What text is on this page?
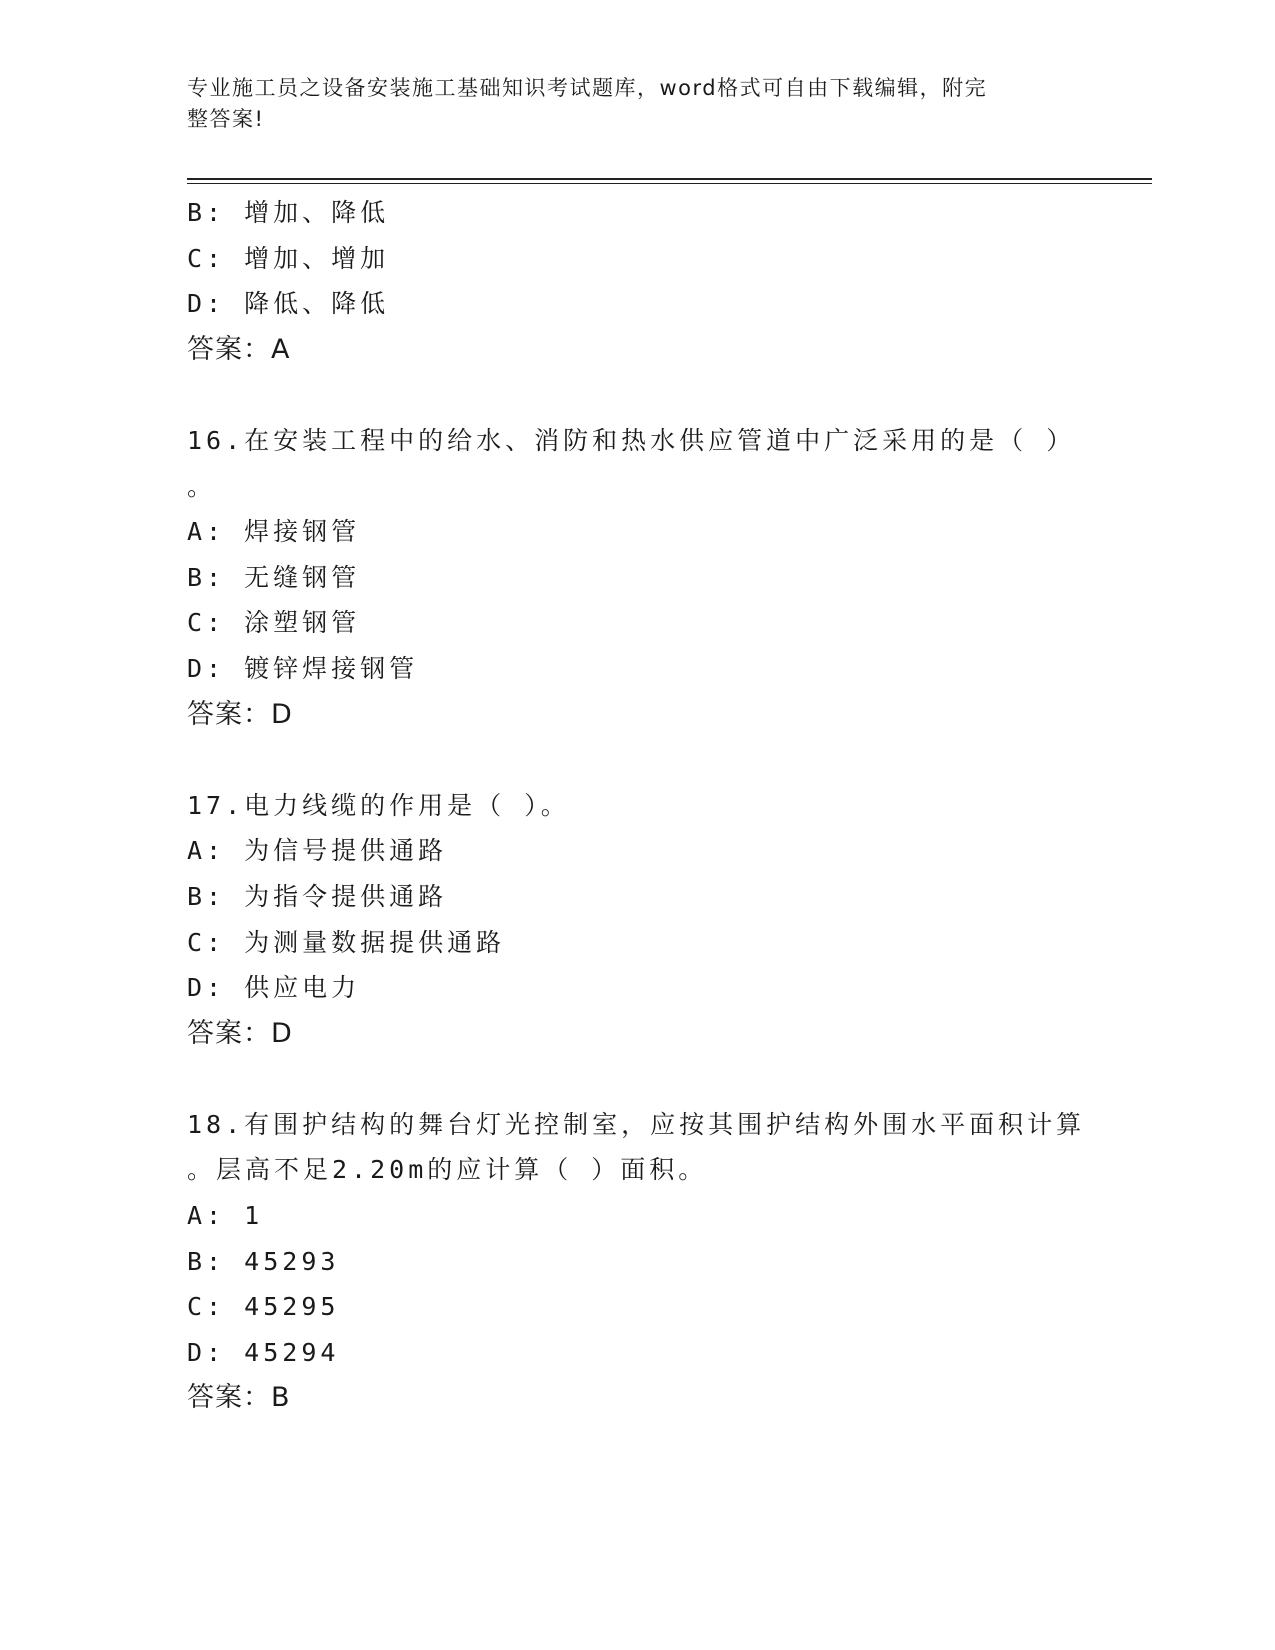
专业施工员之设备安装施工基础知识考试题库，word格式可自由下载编辑，附完
整答案!
B: 增加、降低
C: 增加、增加
D: 降低、降低
答案：A
16.在安装工程中的给水、消防和热水供应管道中广泛采用的是（ ）
。
A: 焊接钢管
B: 无缝钢管
C: 涂塑钢管
D: 镀锌焊接钢管
答案：D
17.电力线缆的作用是（ ）。
A: 为信号提供通路
B: 为指令提供通路
C: 为测量数据提供通路
D: 供应电力
答案：D
18.有围护结构的舞台灯光控制室，应按其围护结构外围水平面积计算
。层高不足2.20m的应计算（ ）面积。
A: 1
B: 45293
C: 45295
D: 45294
答案：B
